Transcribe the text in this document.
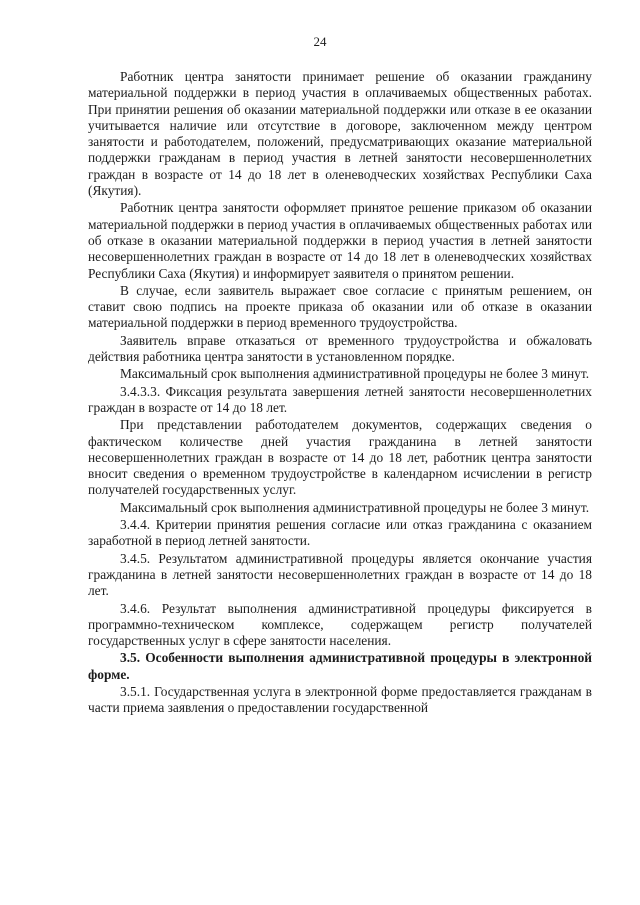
24

Работник центра занятости принимает решение об оказании гражданину материальной поддержки в период участия в оплачиваемых общественных работах. При принятии решения об оказании материальной поддержки или отказе в ее оказании учитывается наличие или отсутствие в договоре, заключенном между центром занятости и работодателем, положений, предусматривающих оказание материальной поддержки гражданам в период участия в летней занятости несовершеннолетних граждан в возрасте от 14 до 18 лет в оленеводческих хозяйствах Республики Саха (Якутия).

Работник центра занятости оформляет принятое решение приказом об оказании материальной поддержки в период участия в оплачиваемых общественных работах или об отказе в оказании материальной поддержки в период участия в летней занятости несовершеннолетних граждан в возрасте от 14 до 18 лет в оленеводческих хозяйствах Республики Саха (Якутия) и информирует заявителя о принятом решении.

В случае, если заявитель выражает свое согласие с принятым решением, он ставит свою подпись на проекте приказа об оказании или об отказе в оказании материальной поддержки в период временного трудоустройства.

Заявитель вправе отказаться от временного трудоустройства и обжаловать действия работника центра занятости в установленном порядке.

Максимальный срок выполнения административной процедуры не более 3 минут.

3.4.3.3. Фиксация результата завершения летней занятости несовершеннолетних граждан в возрасте от 14 до 18 лет.

При представлении работодателем документов, содержащих сведения о фактическом количестве дней участия гражданина в летней занятости несовершеннолетних граждан в возрасте от 14 до 18 лет, работник центра занятости вносит сведения о временном трудоустройстве в календарном исчислении в регистр получателей государственных услуг.

Максимальный срок выполнения административной процедуры не более 3 минут.

3.4.4. Критерии принятия решения согласие или отказ гражданина с оказанием заработной в период летней занятости.

3.4.5. Результатом административной процедуры является окончание участия гражданина в летней занятости несовершеннолетних граждан в возрасте от 14 до 18 лет.

3.4.6. Результат выполнения административной процедуры фиксируется в программно-техническом комплексе, содержащем регистр получателей государственных услуг в сфере занятости населения.

3.5. Особенности выполнения административной процедуры в электронной форме.

3.5.1. Государственная услуга в электронной форме предоставляется гражданам в части приема заявления о предоставлении государственной
